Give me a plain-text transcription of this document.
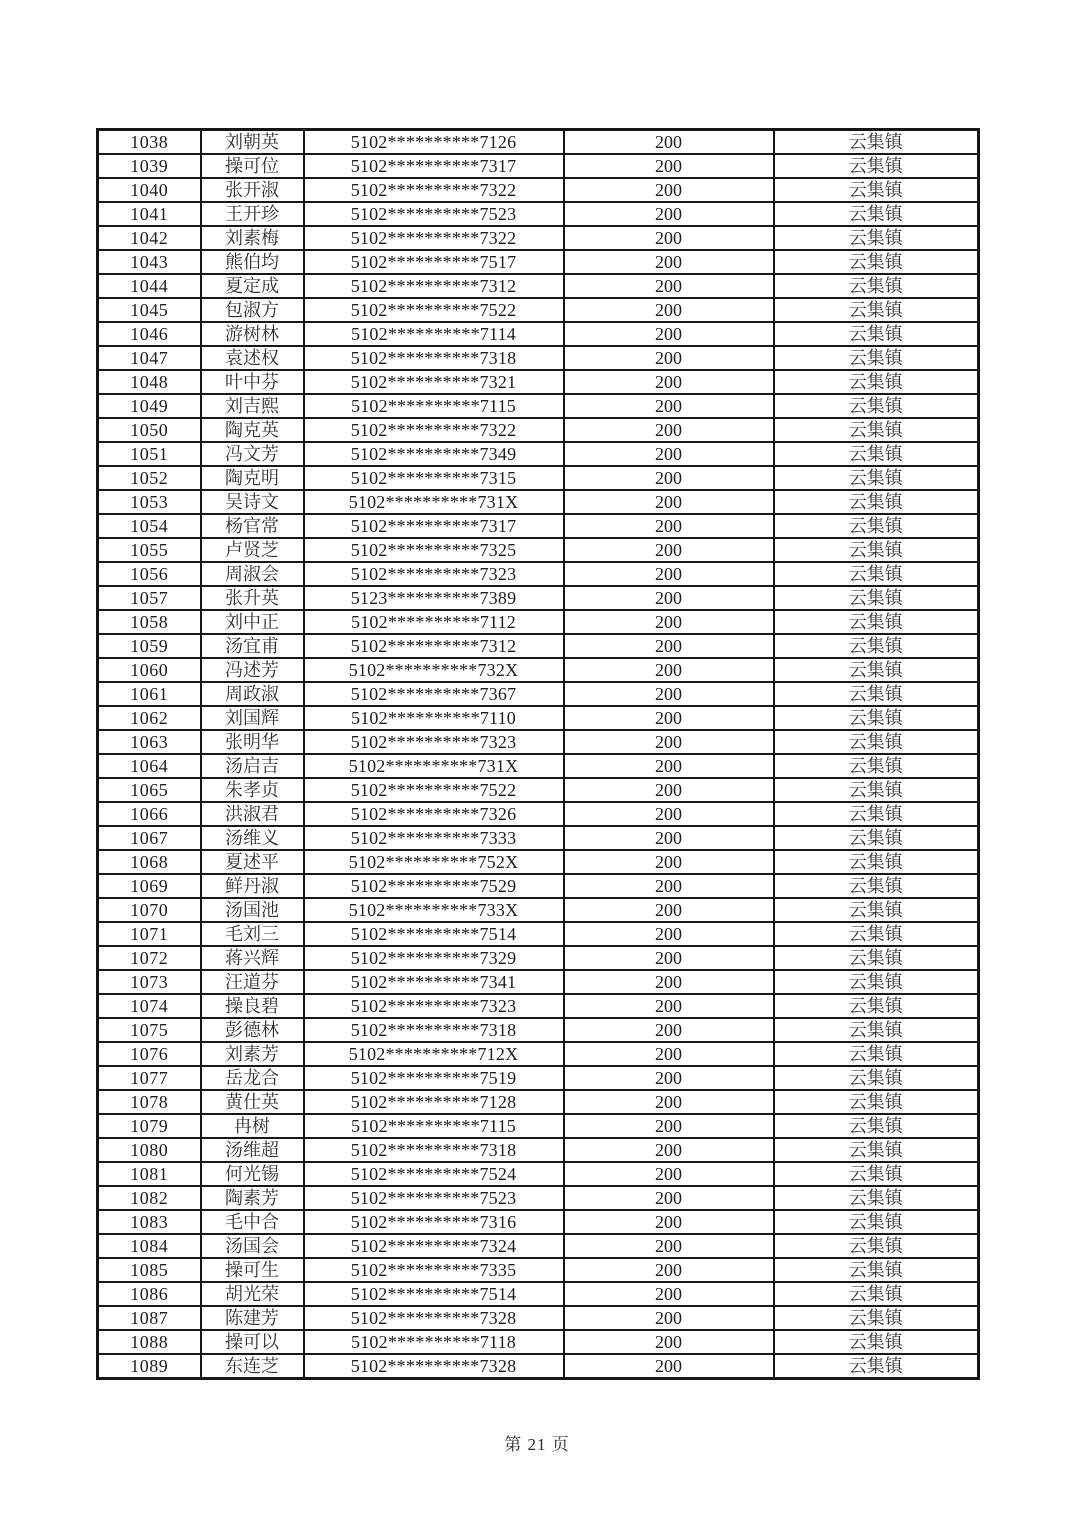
1038	刘朝英	5102**********7126	200	云集镇
1039	操可位	5102**********7317	200	云集镇
1040	张开淑	5102**********7322	200	云集镇
1041	王开珍	5102**********7523	200	云集镇
1042	刘素梅	5102**********7322	200	云集镇
1043	熊伯均	5102**********7517	200	云集镇
1044	夏定成	5102**********7312	200	云集镇
1045	包淑方	5102**********7522	200	云集镇
1046	游树林	5102**********7114	200	云集镇
1047	袁述权	5102**********7318	200	云集镇
1048	叶中芬	5102**********7321	200	云集镇
1049	刘吉熙	5102**********7115	200	云集镇
1050	陶克英	5102**********7322	200	云集镇
1051	冯文芳	5102**********7349	200	云集镇
1052	陶克明	5102**********7315	200	云集镇
1053	吴诗文	5102**********731X	200	云集镇
1054	杨官常	5102**********7317	200	云集镇
1055	卢贤芝	5102**********7325	200	云集镇
1056	周淑会	5102**********7323	200	云集镇
1057	张升英	5123**********7389	200	云集镇
1058	刘中正	5102**********7112	200	云集镇
1059	汤宜甫	5102**********7312	200	云集镇
1060	冯述芳	5102**********732X	200	云集镇
1061	周政淑	5102**********7367	200	云集镇
1062	刘国辉	5102**********7110	200	云集镇
1063	张明华	5102**********7323	200	云集镇
1064	汤启吉	5102**********731X	200	云集镇
1065	朱孝贞	5102**********7522	200	云集镇
1066	洪淑君	5102**********7326	200	云集镇
1067	汤维义	5102**********7333	200	云集镇
1068	夏述平	5102**********752X	200	云集镇
1069	鲜丹淑	5102**********7529	200	云集镇
1070	汤国池	5102**********733X	200	云集镇
1071	毛刘三	5102**********7514	200	云集镇
1072	蒋兴辉	5102**********7329	200	云集镇
1073	汪道芬	5102**********7341	200	云集镇
1074	操良碧	5102**********7323	200	云集镇
1075	彭德林	5102**********7318	200	云集镇
1076	刘素芳	5102**********712X	200	云集镇
1077	岳龙合	5102**********7519	200	云集镇
1078	黄仕英	5102**********7128	200	云集镇
1079	冉树	5102**********7115	200	云集镇
1080	汤维超	5102**********7318	200	云集镇
1081	何光锡	5102**********7524	200	云集镇
1082	陶素芳	5102**********7523	200	云集镇
1083	毛中合	5102**********7316	200	云集镇
1084	汤国会	5102**********7324	200	云集镇
1085	操可生	5102**********7335	200	云集镇
1086	胡光荣	5102**********7514	200	云集镇
1087	陈建芳	5102**********7328	200	云集镇
1088	操可以	5102**********7118	200	云集镇
1089	东连芝	5102**********7328	200	云集镇
第 21 页
